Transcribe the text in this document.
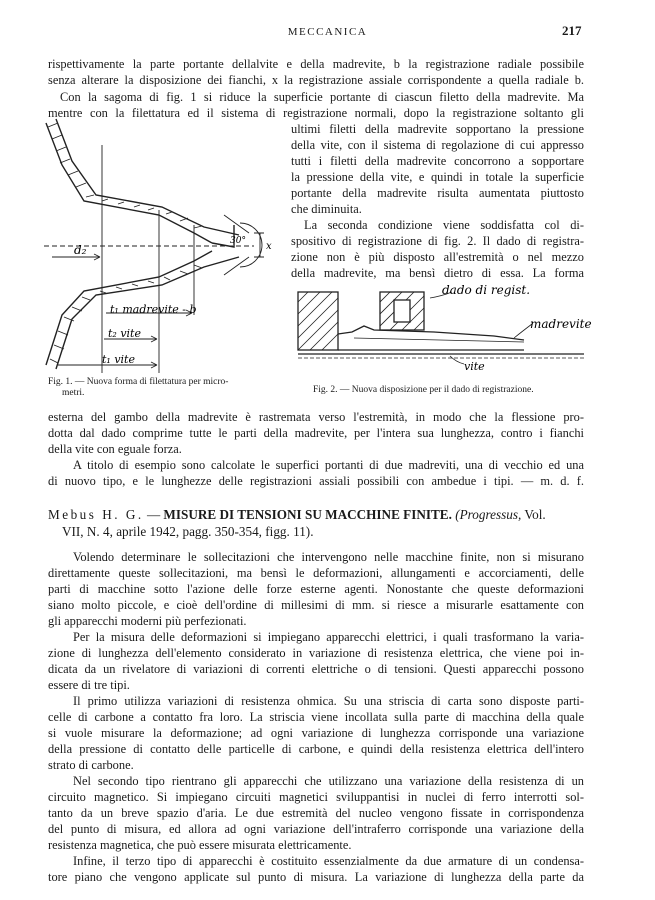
MECCANICA	217
rispettivamente la parte portante dellalvite e della madrevite, b la registrazione radiale possibile
senza alterare la disposizione dei fianchi, x la registrazione assiale corrispondente a quella radiale b.
Con la sagoma di fig. 1 si riduce la superficie portante di ciascun filetto della madrevite. Ma
mentre con la filettatura ed il sistema di registrazione normali, dopo la registrazione soltanto gli
ultimi filetti della madrevite sopportano la pressione
della vite, con il sistema di regolazione di cui appresso
tutti i filetti della madrevite concorrono a sopportare
la pressione della vite, e quindi in totale la superficie
portante della madrevite risulta aumentata piuttosto
che diminuita.
La seconda condizione viene soddisfatta col di-
spositivo di registrazione di fig. 2. Il dado di registra-
zione non è più disposto all'estremità o nel mezzo
della madrevite, ma bensì dietro di essa. La forma
d₂
30° x
t₁ madrevite - b
t₂ vite
t₁ vite
Fig. 1. — Nuova forma di filettatura per micro-
metri.
dado di regist.
madrevite
vite
Fig. 2. — Nuova disposizione per il dado di registrazione.
esterna del gambo della madrevite è rastremata verso l'estremità, in modo che la flessione pro-
dotta dal dado comprime tutte le parti della madrevite, per l'intera sua lunghezza, contro i fianchi
della vite con eguale forza.
A titolo di esempio sono calcolate le superfici portanti di due madreviti, una di vecchio ed una
di nuovo tipo, e le lunghezze delle registrazioni assiali possibili con ambedue i tipi. — m. d. f.
Mebus H. G. — MISURE DI TENSIONI SU MACCHINE FINITE. (Progressus, Vol.
VII, N. 4, aprile 1942, pagg. 350-354, figg. 11).
Volendo determinare le sollecitazioni che intervengono nelle macchine finite, non si misurano
direttamente queste sollecitazioni, ma bensì le deformazioni, allungamenti e accorciamenti, delle
parti di macchine sotto l'azione delle forze esterne agenti. Nonostante che queste deformazioni
siano molto piccole, e cioè dell'ordine di millesimi di mm. si riesce a misurarle esattamente con
gli apparecchi moderni più perfezionati.
Per la misura delle deformazioni si impiegano apparecchi elettrici, i quali trasformano la varia-
zione di lunghezza dell'elemento considerato in variazione di resistenza elettrica, che viene poi in-
dicata da un rivelatore di variazioni di correnti elettriche o di tensioni. Questi apparecchi possono
essere di tre tipi.
Il primo utilizza variazioni di resistenza ohmica. Su una striscia di carta sono disposte parti-
celle di carbone a contatto fra loro. La striscia viene incollata sulla parte di macchina della quale
si vuole misurare la deformazione; ad ogni variazione di lunghezza corrisponde una variazione
della pressione di contatto delle particelle di carbone, e quindi della resistenza elettrica dell'intero
strato di carbone.
Nel secondo tipo rientrano gli apparecchi che utilizzano una variazione della resistenza di un
circuito magnetico. Si impiegano circuiti magnetici sviluppantisi in nuclei di ferro interrotti sol-
tanto da un breve spazio d'aria. Le due estremità del nucleo vengono fissate in corrispondenza
del punto di misura, ed allora ad ogni variazione dell'intraferro corrisponde una variazione della
resistenza magnetica, che può essere misurata elettricamente.
Infine, il terzo tipo di apparecchi è costituito essenzialmente da due armature di un condensa-
tore piano che vengono applicate sul punto di misura. La variazione di lunghezza della parte da
